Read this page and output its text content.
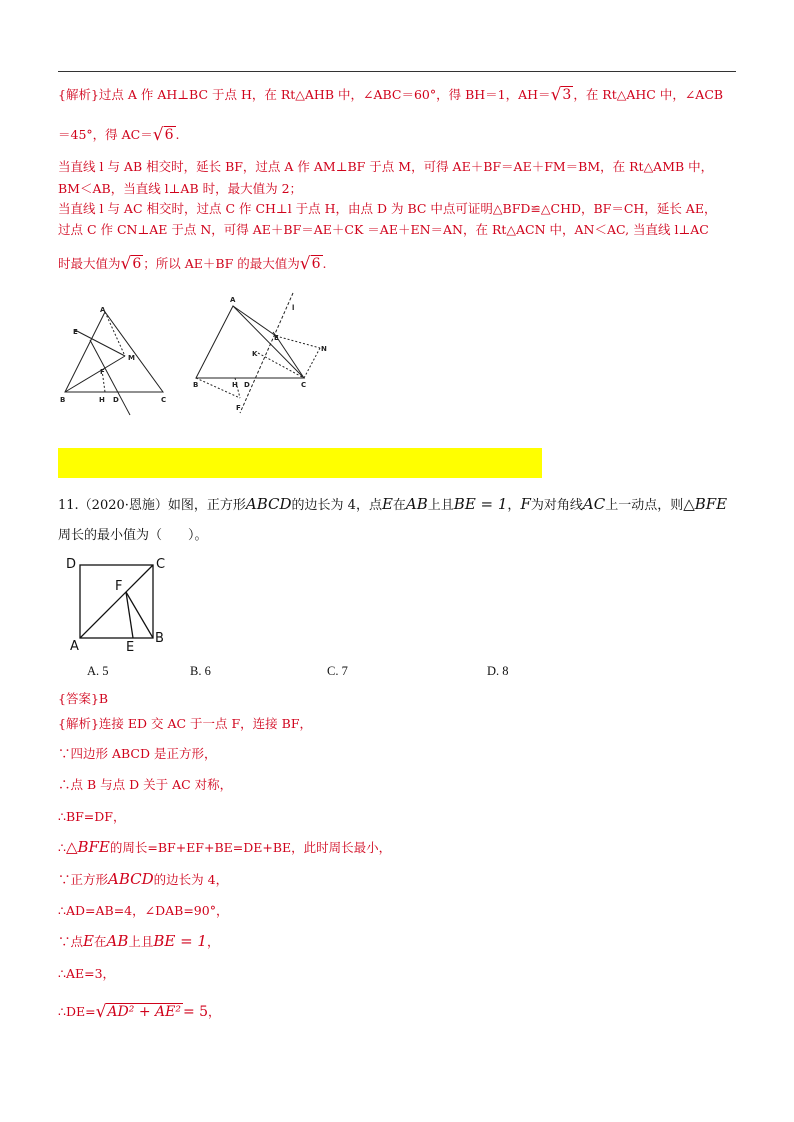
{解析}过点 A 作 AH⊥BC 于点 H，在 Rt△AHB 中，∠ABC＝60°，得 BH＝1，AH＝√3 ，在 Rt△AHC 中，∠ACB
＝45°，得 AC＝√6 .
当直线 l 与 AB 相交时，延长 BF，过点 A 作 AM⊥BF 于点 M，可得 AE＋BF＝AE＋FM＝BM，在 Rt△AMB 中，
BM＜AB，当直线 l⊥AB 时，最大值为 2；
当直线 l 与 AC 相交时，过点 C 作 CH⊥l 于点 H，由点 D 为 BC 中点可证明△BFD≌△CHD，BF＝CH，延长 AE，
过点 C 作 CN⊥AE 于点 N，可得 AE＋BF＝AE＋CK ＝AE＋EN＝AN，在 Rt△ACN 中，AN＜AC, 当直线 l⊥AC
时最大值为√6 ；所以 AE＋BF 的最大值为√6 .
A
E
M
F
B	H D	C
A
l
E
K
N
B	H D	C
F
11.（2020·恩施）如图，正方形ABCD的边长为 4，点E在AB上且BE = 1，F为对角线AC上一动点，则△BFE
周长的最小值为（　　）。
D	C
F
A	E
B
A. 5	B. 6	C. 7	D. 8
{答案}B
{解析}连接 ED 交 AC 于一点 F，连接 BF，
∵四边形 ABCD 是正方形，
∴点 B 与点 D 关于 AC 对称，
∴BF=DF，
∴△BFE的周长=BF+EF+BE=DE+BE，此时周长最小，
∵正方形ABCD的边长为 4，
∴AD=AB=4，∠DAB=90°，
∵点E在AB上且BE = 1，
∴AE=3，
∴DE=√AD² + AE² = 5，
